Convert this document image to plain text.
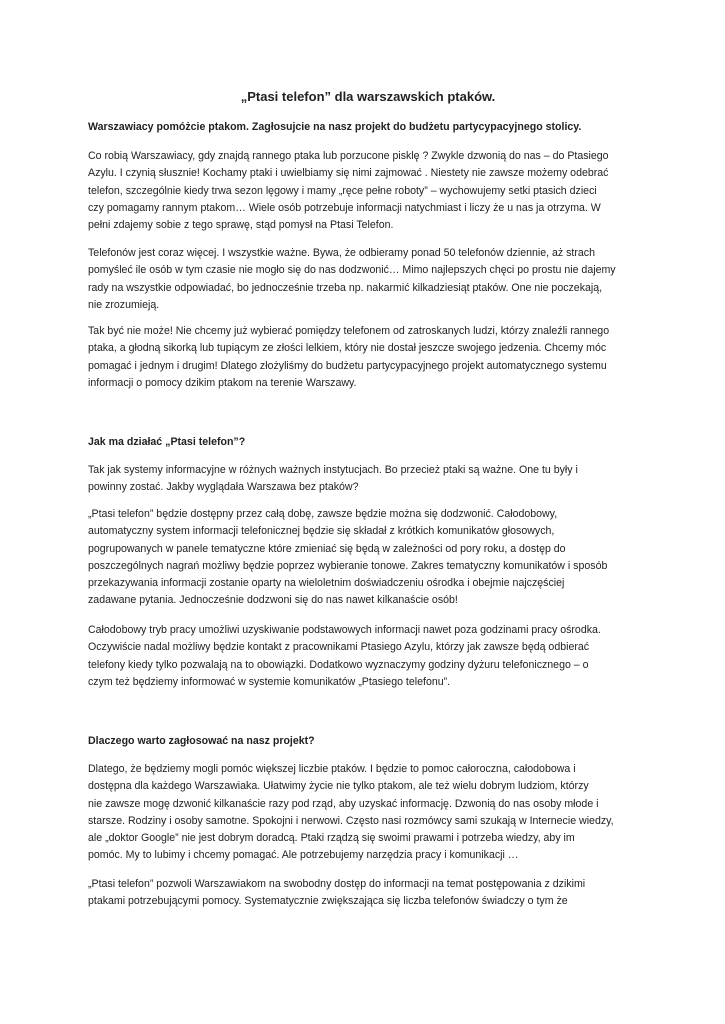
„Ptasi telefon” dla warszawskich ptaków.

Warszawiacy pomóżcie ptakom. Zagłosujcie na nasz projekt do budżetu partycypacyjnego stolicy.

Co robią Warszawiacy, gdy znajdą rannego ptaka lub porzucone pisklę ? Zwykle dzwonią do nas – do Ptasiego
Azylu. I czynią słusznie! Kochamy ptaki i uwielbiamy się nimi zajmować . Niestety nie zawsze możemy odebrać
telefon, szczególnie kiedy trwa sezon lęgowy i mamy „ręce pełne roboty” – wychowujemy setki ptasich dzieci
czy pomagamy rannym ptakom… Wiele osób potrzebuje informacji natychmiast i liczy że u nas ja otrzyma. W
pełni zdajemy sobie z tego sprawę, stąd pomysł na Ptasi Telefon.

Telefonów jest coraz więcej. I wszystkie ważne. Bywa, że odbieramy ponad 50 telefonów dziennie, aż strach
pomyśleć ile osób w tym czasie nie mogło się do nas dodzwonić… Mimo najlepszych chęci po prostu nie dajemy
rady na wszystkie odpowiadać, bo jednocześnie trzeba np. nakarmić kilkadziesiąt ptaków. One nie poczekają,
nie zrozumieją.

Tak być nie może! Nie chcemy już wybierać pomiędzy telefonem od zatroskanych ludzi, którzy znaleźli rannego
ptaka, a głodną sikorką lub tupiącym ze złości lelkiem, który nie dostał jeszcze swojego jedzenia. Chcemy móc
pomagać i jednym i drugim! Dlatego złożyliśmy do budżetu partycypacyjnego projekt automatycznego systemu
informacji o pomocy dzikim ptakom na terenie Warszawy.

Jak ma działać „Ptasi telefon”?

Tak jak systemy informacyjne w różnych ważnych instytucjach. Bo przecież ptaki są ważne. One tu były i
powinny zostać. Jakby wyglądała Warszawa bez ptaków?

„Ptasi telefon” będzie dostępny przez całą dobę, zawsze będzie można się dodzwonić. Całodobowy,
automatyczny system informacji telefonicznej będzie się składał z krótkich komunikatów głosowych,
pogrupowanych w panele tematyczne które zmieniać się będą w zależności od pory roku, a dostęp do
poszczególnych nagrań możliwy będzie poprzez wybieranie tonowe. Zakres tematyczny komunikatów i sposób
przekazywania informacji zostanie oparty na wieloletnim doświadczeniu ośrodka i obejmie najczęściej
zadawane pytania. Jednocześnie dodzwoni się do nas nawet kilkanaście osób!

Całodobowy tryb pracy umożliwi uzyskiwanie podstawowych informacji nawet poza godzinami pracy ośrodka.
Oczywiście nadal możliwy będzie kontakt z pracownikami Ptasiego Azylu, którzy jak zawsze będą odbierać
telefony kiedy tylko pozwalają na to obowiązki. Dodatkowo wyznaczymy godziny dyżuru telefonicznego – o
czym też będziemy informować w systemie komunikatów „Ptasiego telefonu”.

Dlaczego warto zagłosować na nasz projekt?

Dlatego, że będziemy mogli pomóc większej liczbie ptaków. I będzie to pomoc całoroczna, całodobowa i
dostępna dla każdego Warszawiaka. Ułatwimy życie nie tylko ptakom, ale też wielu dobrym ludziom, którzy
nie zawsze mogę dzwonić kilkanaście razy pod rząd, aby uzyskać informację. Dzwonią do nas osoby młode i
starsze. Rodziny i osoby samotne. Spokojni i nerwowi. Często nasi rozmówcy sami szukają w Internecie wiedzy,
ale „doktor Google” nie jest dobrym doradcą. Ptaki rządzą się swoimi prawami i potrzeba wiedzy, aby im
pomóc. My to lubimy i chcemy pomagać. Ale potrzebujemy narzędzia pracy i komunikacji …

„Ptasi telefon” pozwoli Warszawiakom na swobodny dostęp do informacji na temat postępowania z dzikimi
ptakami potrzebującymi pomocy. Systematycznie zwiększająca się liczba telefonów świadczy o tym że
